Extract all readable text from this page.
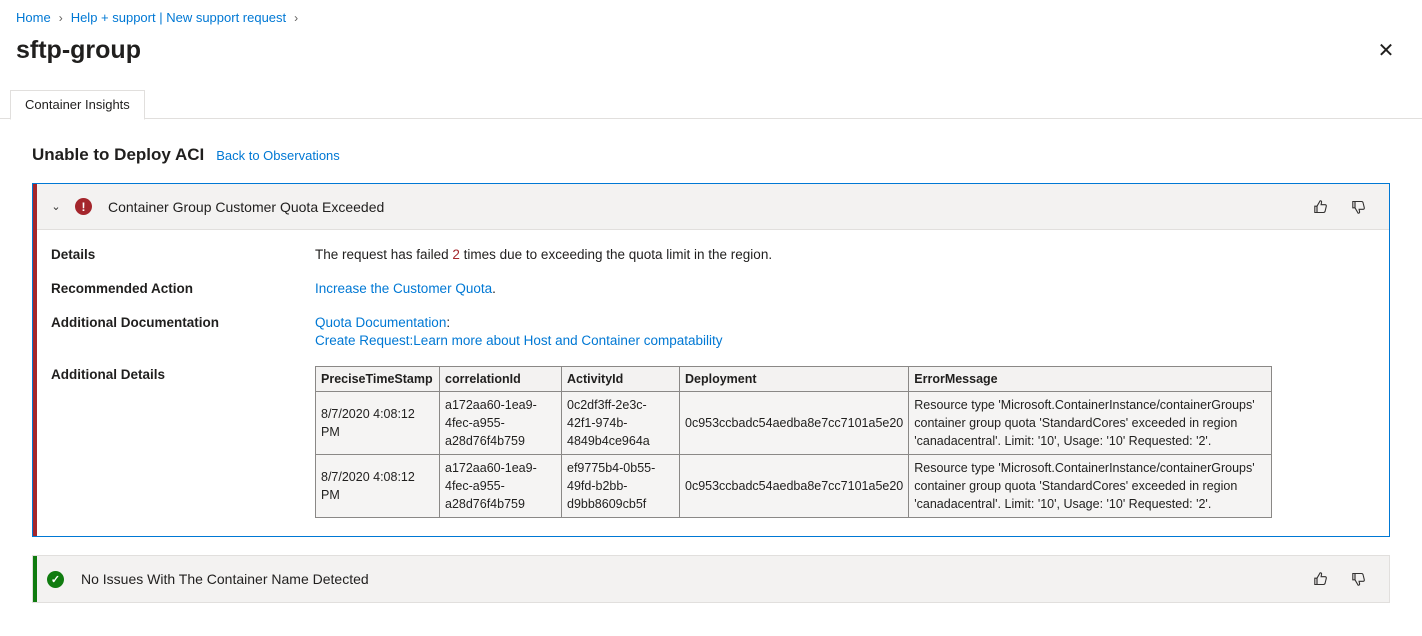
Home › Help + support | New support request ›
sftp-group	✕
Container Insights
Unable to Deploy ACI Back to Observations
⌄	!	Container Group Customer Quota Exceeded
Details	The request has failed 2 times due to exceeding the quota limit in the region.
Recommended Action	Increase the Customer Quota.
Additional Documentation	Quota Documentation:
Create Request:Learn more about Host and Container compatability
Additional Details	PreciseTimeStamp	correlationId	ActivityId	Deployment	ErrorMessage
8/7/2020 4:08:12 PM	a172aa60-1ea9-4fec-a955-a28d76f4b759	0c2df3ff-2e3c-42f1-974b-4849b4ce964a	0c953ccbadc54aedba8e7cc7101a5e20	Resource type 'Microsoft.ContainerInstance/containerGroups' container group quota 'StandardCores' exceeded in region 'canadacentral'. Limit: '10', Usage: '10' Requested: '2'.
8/7/2020 4:08:12 PM	a172aa60-1ea9-4fec-a955-a28d76f4b759	ef9775b4-0b55-49fd-b2bb-d9bb8609cb5f	0c953ccbadc54aedba8e7cc7101a5e20	Resource type 'Microsoft.ContainerInstance/containerGroups' container group quota 'StandardCores' exceeded in region 'canadacentral'. Limit: '10', Usage: '10' Requested: '2'.
✓ No Issues With The Container Name Detected
